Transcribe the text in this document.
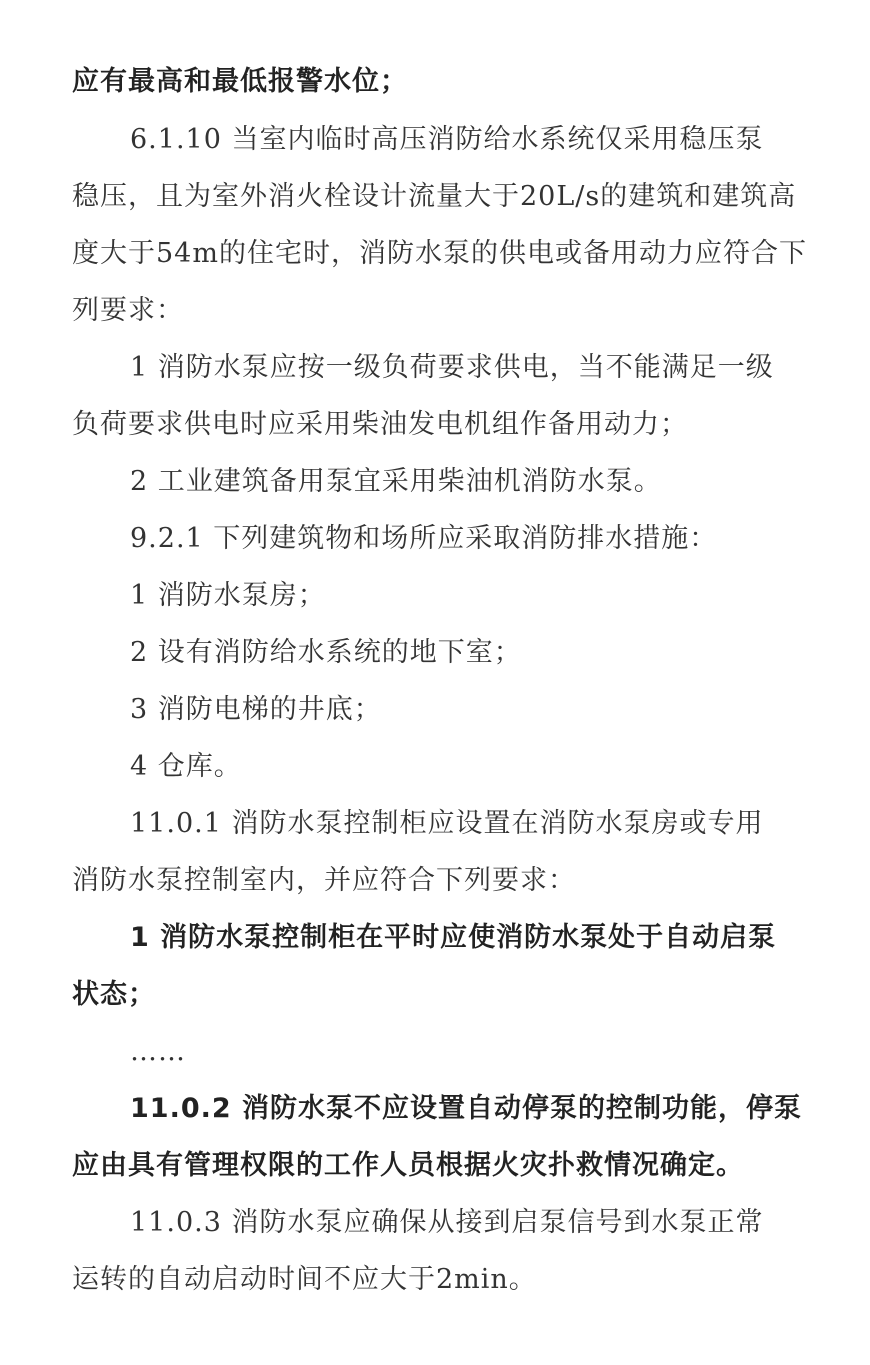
应有最高和最低报警水位；
6.1.10 当室内临时高压消防给水系统仅采用稳压泵
稳压，且为室外消火栓设计流量大于20L/s的建筑和建筑高
度大于54m的住宅时，消防水泵的供电或备用动力应符合下
列要求：
1 消防水泵应按一级负荷要求供电，当不能满足一级
负荷要求供电时应采用柴油发电机组作备用动力；
2 工业建筑备用泵宜采用柴油机消防水泵。
9.2.1 下列建筑物和场所应采取消防排水措施：
1 消防水泵房；
2 设有消防给水系统的地下室；
3 消防电梯的井底；
4 仓库。
11.0.1 消防水泵控制柜应设置在消防水泵房或专用
消防水泵控制室内，并应符合下列要求：
1 消防水泵控制柜在平时应使消防水泵处于自动启泵
状态；
……
11.0.2 消防水泵不应设置自动停泵的控制功能，停泵
应由具有管理权限的工作人员根据火灾扑救情况确定。
11.0.3 消防水泵应确保从接到启泵信号到水泵正常
运转的自动启动时间不应大于2min。
